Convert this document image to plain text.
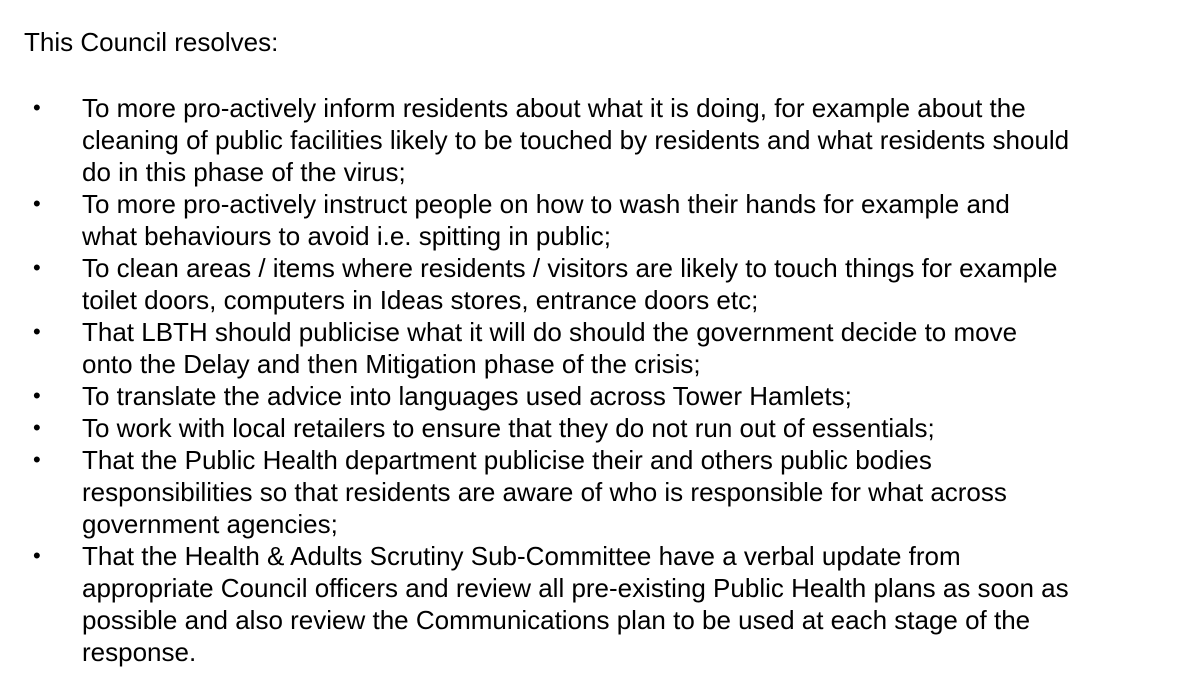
This Council resolves:

•	To more pro-actively inform residents about what it is doing, for example about the
cleaning of public facilities likely to be touched by residents and what residents should
do in this phase of the virus;
•	To more pro-actively instruct people on how to wash their hands for example and
what behaviours to avoid i.e. spitting in public;
•	To clean areas / items where residents / visitors are likely to touch things for example
toilet doors, computers in Ideas stores, entrance doors etc;
•	That LBTH should publicise what it will do should the government decide to move
onto the Delay and then Mitigation phase of the crisis;
•	To translate the advice into languages used across Tower Hamlets;
•	To work with local retailers to ensure that they do not run out of essentials;
•	That the Public Health department publicise their and others public bodies
responsibilities so that residents are aware of who is responsible for what across
government agencies;
•	That the Health & Adults Scrutiny Sub-Committee have a verbal update from
appropriate Council officers and review all pre-existing Public Health plans as soon as
possible and also review the Communications plan to be used at each stage of the
response.
